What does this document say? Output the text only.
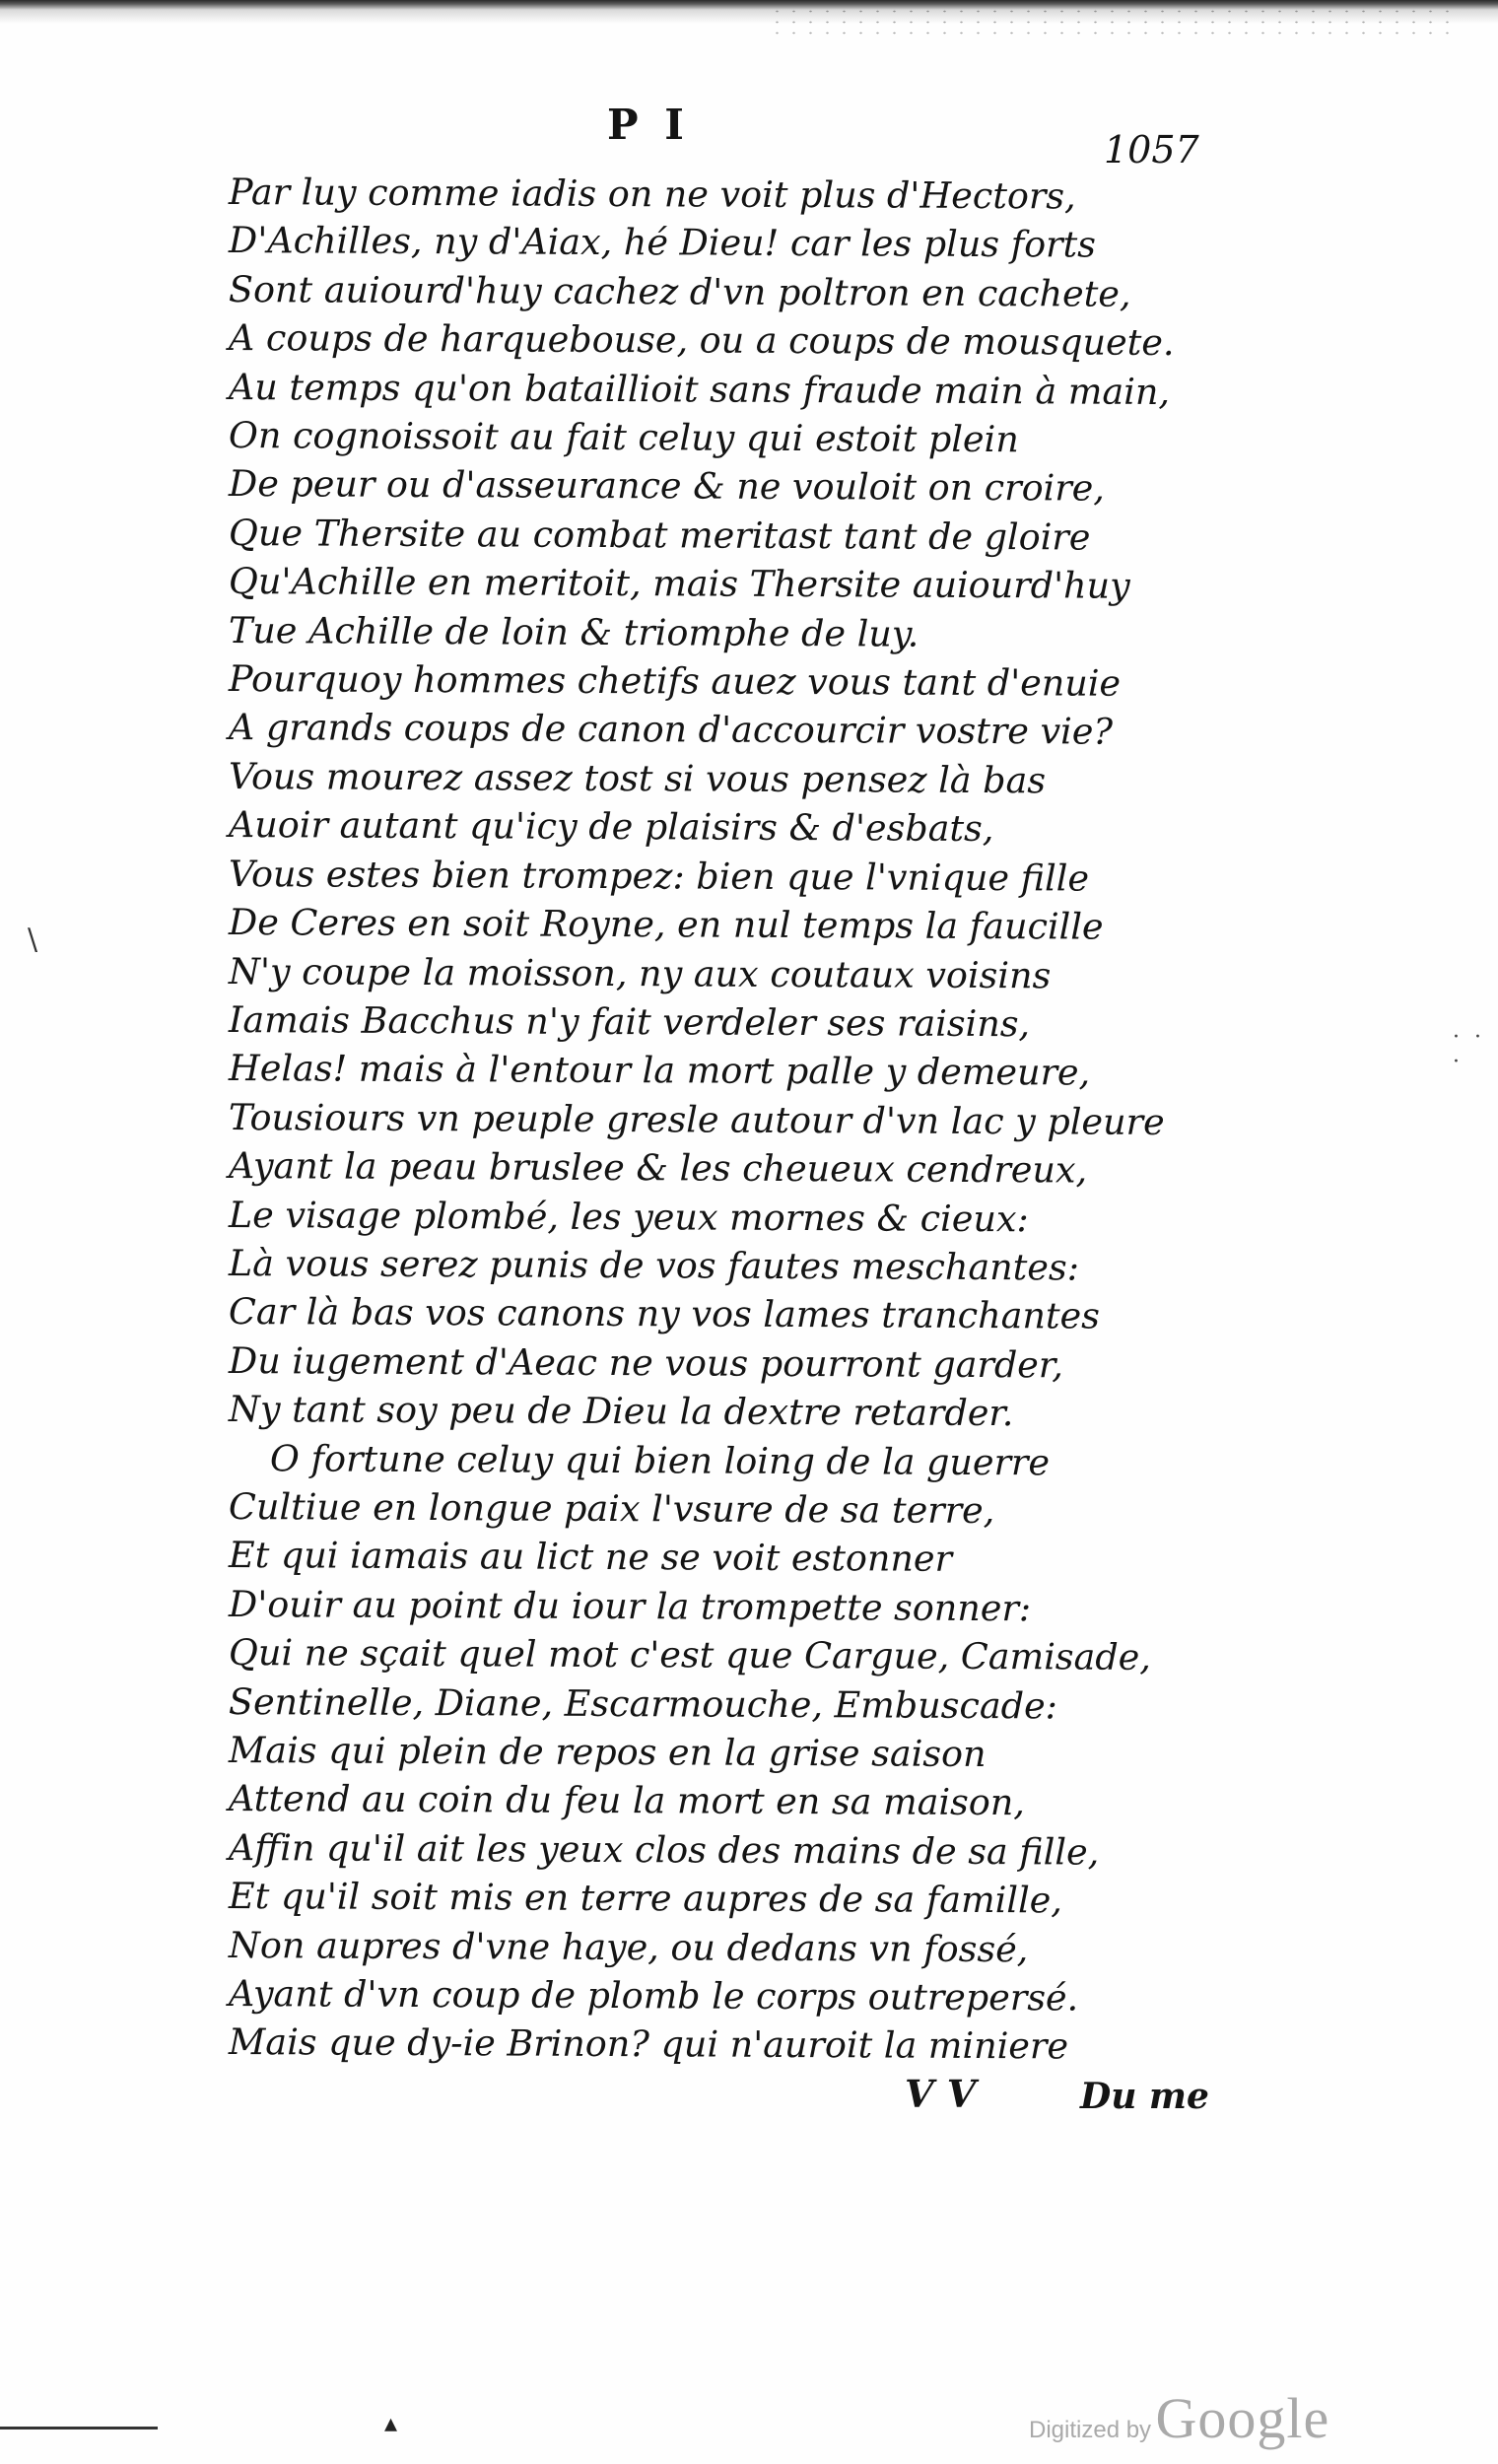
P I
1057
Par luy comme iadis on ne voit plus d'Hectors,
D'Achilles, ny d'Aiax, hé Dieu! car les plus forts
Sont auiourd'huy cachez d'vn poltron en cachete,
A coups de harquebouse, ou a coups de mousquete.
Au temps qu'on bataillioit sans fraude main à main,
On cognoissoit au fait celuy qui estoit plein
De peur ou d'asseurance & ne vouloit on croire,
Que Thersite au combat meritast tant de gloire
Qu'Achille en meritoit, mais Thersite auiourd'huy
Tue Achille de loin & triomphe de luy.
Pourquoy hommes chetifs auez vous tant d'enuie
A grands coups de canon d'accourcir vostre vie?
Vous mourez assez tost si vous pensez là bas
Auoir autant qu'icy de plaisirs & d'esbats,
Vous estes bien trompez: bien que l'vnique fille
De Ceres en soit Royne, en nul temps la faucille
N'y coupe la moisson, ny aux coutaux voisins
Iamais Bacchus n'y fait verdeler ses raisins,
Helas! mais à l'entour la mort palle y demeure,
Tousiours vn peuple gresle autour d'vn lac y pleure
Ayant la peau bruslee & les cheueux cendreux,
Le visage plombé, les yeux mornes & cieux:
Là vous serez punis de vos fautes meschantes:
Car là bas vos canons ny vos lames tranchantes
Du iugement d'Aeac ne vous pourront garder,
Ny tant soy peu de Dieu la dextre retarder.
O fortune celuy qui bien loing de la guerre
Cultiue en longue paix l'vsure de sa terre,
Et qui iamais au lict ne se voit estonner
D'ouir au point du iour la trompette sonner:
Qui ne sçait quel mot c'est que Cargue, Camisade,
Sentinelle, Diane, Escarmouche, Embuscade:
Mais qui plein de repos en la grise saison
Attend au coin du feu la mort en sa maison,
Affin qu'il ait les yeux clos des mains de sa fille,
Et qu'il soit mis en terre aupres de sa famille,
Non aupres d'vne haye, ou dedans vn fossé,
Ayant d'vn coup de plomb le corps outrepersé.
Mais que dy-ie Brinon? qui n'auroit la miniere
V V	Du me
\
· · ·
▴	Digitized by Google
